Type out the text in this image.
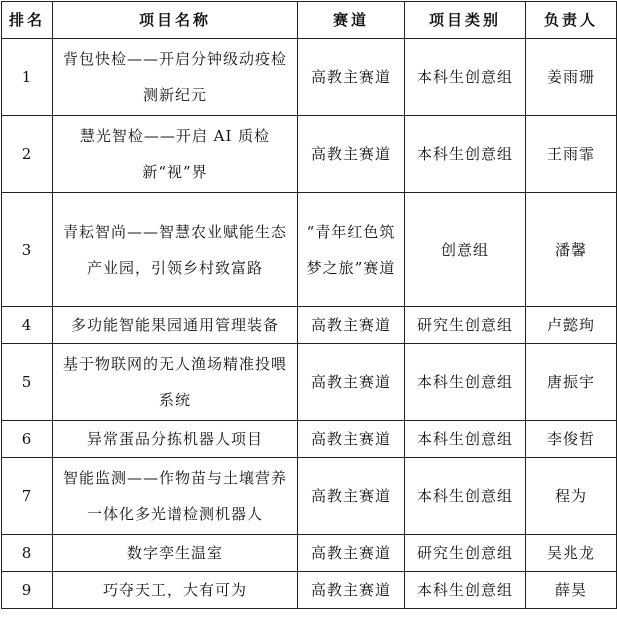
排名	项目名称	赛道	项目类别	负责人
1	背包快检——开启分钟级动疫检测新纪元	高教主赛道	本科生创意组	姜雨珊
2	慧光智检——开启 AI 质检新“视”界	高教主赛道	本科生创意组	王雨霏
3	青耘智尚——智慧农业赋能生态产业园，引领乡村致富路	“青年红色筑梦之旅”赛道	创意组	潘馨
4	多功能智能果园通用管理装备	高教主赛道	研究生创意组	卢懿珣
5	基于物联网的无人渔场精准投喂系统	高教主赛道	本科生创意组	唐振宇
6	异常蛋品分拣机器人项目	高教主赛道	本科生创意组	李俊哲
7	智能监测——作物苗与土壤营养一体化多光谱检测机器人	高教主赛道	本科生创意组	程为
8	数字孪生温室	高教主赛道	研究生创意组	吴兆龙
9	巧夺天工，大有可为	高教主赛道	本科生创意组	薛昊
